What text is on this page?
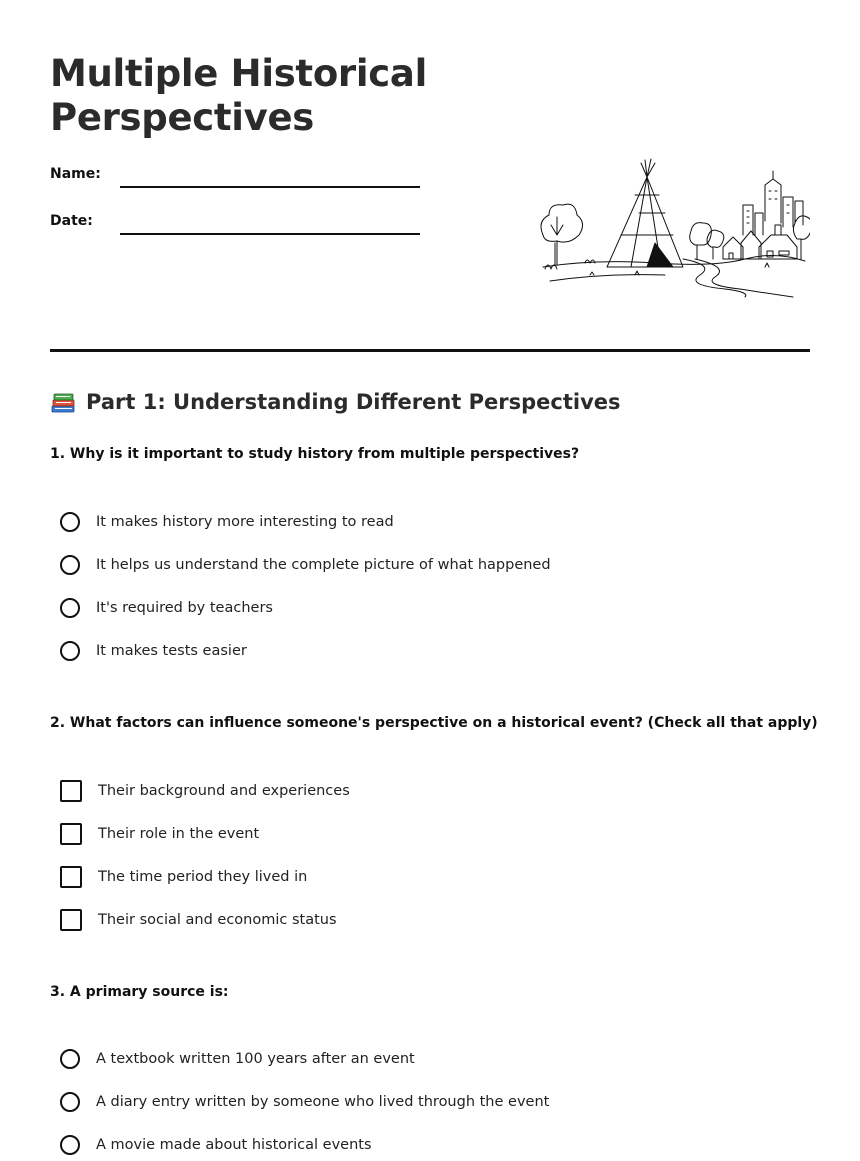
Multiple Historical Perspectives
Name:
Date:
Part 1: Understanding Different Perspectives
1. Why is it important to study history from multiple perspectives?
It makes history more interesting to read
It helps us understand the complete picture of what happened
It's required by teachers
It makes tests easier
2. What factors can influence someone's perspective on a historical event? (Check all that apply)
Their background and experiences
Their role in the event
The time period they lived in
Their social and economic status
3. A primary source is:
A textbook written 100 years after an event
A diary entry written by someone who lived through the event
A movie made about historical events
